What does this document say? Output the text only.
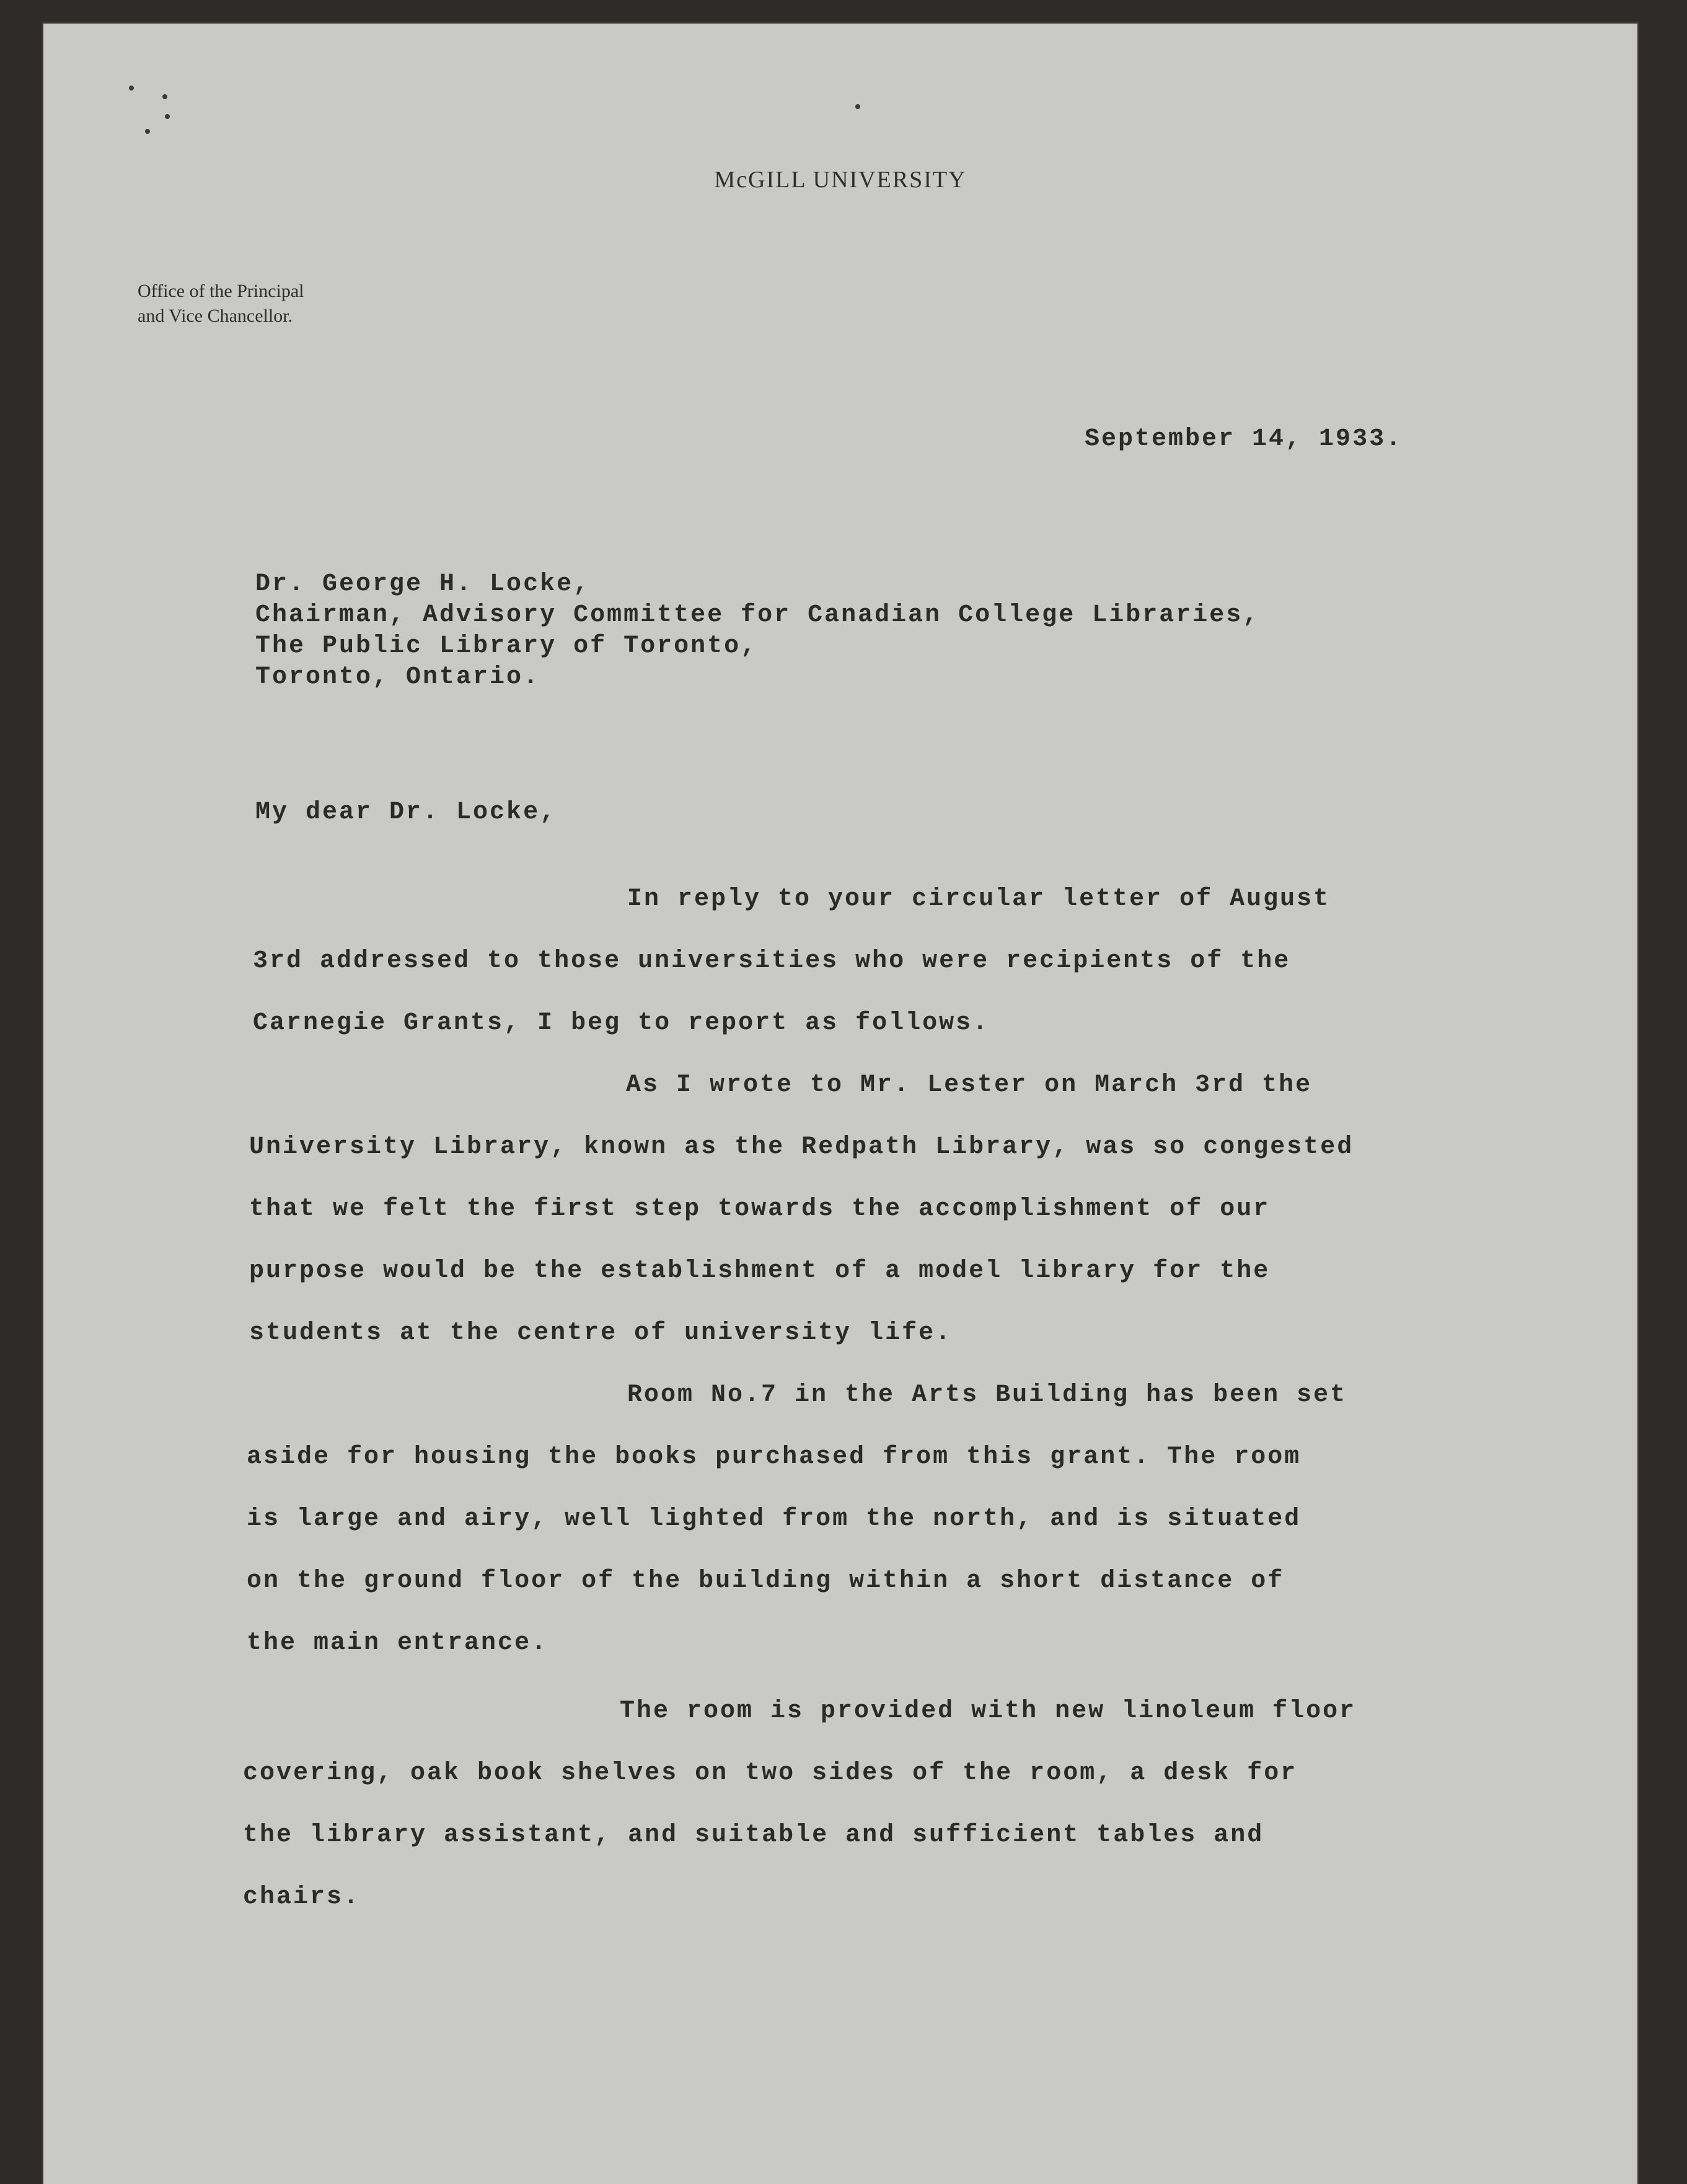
McGILL UNIVERSITY
Office of the Principal
and Vice Chancellor.
September 14, 1933.
Dr. George H. Locke,
Chairman, Advisory Committee for Canadian College Libraries,
The Public Library of Toronto,
Toronto, Ontario.
My dear Dr. Locke,
In reply to your circular letter of August
3rd addressed to those universities who were recipients of the
Carnegie Grants, I beg to report as follows.
As I wrote to Mr. Lester on March 3rd the
University Library, known as the Redpath Library, was so congested
that we felt the first step towards the accomplishment of our
purpose would be the establishment of a model library for the
students at the centre of university life.
Room No.7 in the Arts Building has been set
aside for housing the books purchased from this grant. The room
is large and airy, well lighted from the north, and is situated
on the ground floor of the building within a short distance of
the main entrance.
The room is provided with new linoleum floor
covering, oak book shelves on two sides of the room, a desk for
the library assistant, and suitable and sufficient tables and
chairs.
